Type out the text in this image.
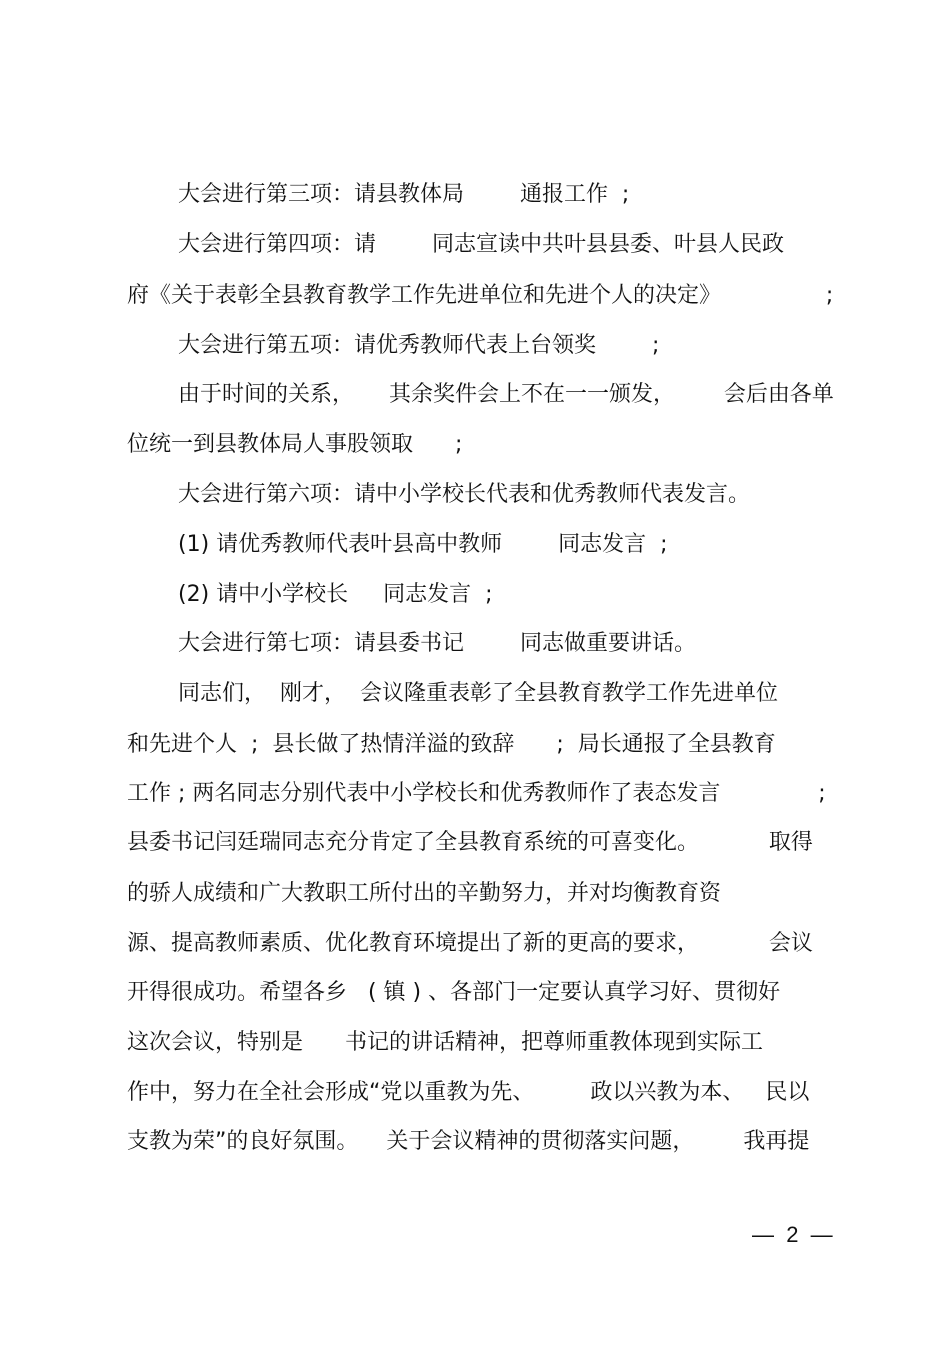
大会进行第三项：请县教体局        通报工作  ;
大会进行第四项：请        同志宣读中共叶县县委、叶县人民政
府《关于表彰全县教育教学工作先进单位和先进个人的决定》               ;
大会进行第五项：请优秀教师代表上台领奖        ;
由于时间的关系，     其余奖件会上不在一一颁发，       会后由各单
位统一到县教体局人事股领取      ;
大会进行第六项：请中小学校长代表和优秀教师代表发言。
(1) 请优秀教师代表叶县高中教师        同志发言  ;
(2) 请中小学校长     同志发言  ;
大会进行第七项：请县委书记        同志做重要讲话。
同志们，  刚才，  会议隆重表彰了全县教育教学工作先进单位
和先进个人  ;  县长做了热情洋溢的致辞      ;  局长通报了全县教育
工作 ; 两名同志分别代表中小学校长和优秀教师作了表态发言              ;
县委书记闫廷瑞同志充分肯定了全县教育系统的可喜变化。          取得
的骄人成绩和广大教职工所付出的辛勤努力，并对均衡教育资
源、提高教师素质、优化教育环境提出了新的更高的要求，          会议
开得很成功。希望各乡   ( 镇 ) 、各部门一定要认真学习好、贯彻好
这次会议，特别是      书记的讲话精神，把尊师重教体现到实际工
作中，努力在全社会形成“党以重教为先、        政以兴教为本、   民以
支教为荣”的良好氛围。    关于会议精神的贯彻落实问题，       我再提
—  2  —
